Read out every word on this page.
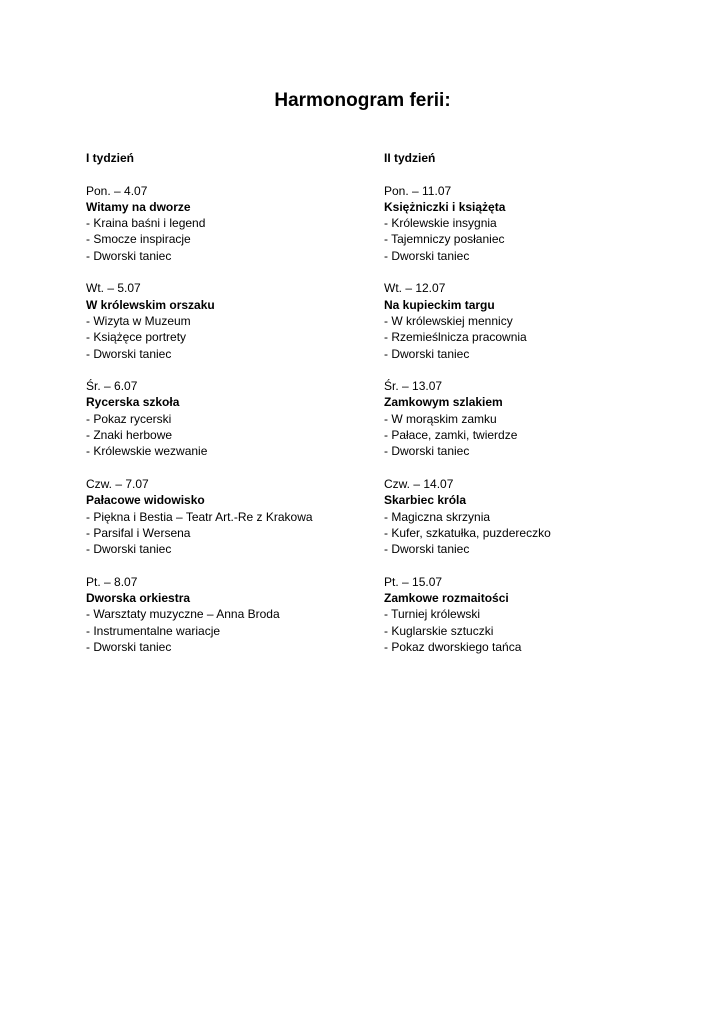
Harmonogram ferii:

I tydzień

Pon. – 4.07

Witamy na dworze

- Kraina baśni i legend
- Smocze inspiracje
- Dworski taniec

Wt. – 5.07

W królewskim orszaku

- Wizyta w Muzeum
- Książęce portrety
- Dworski taniec

Śr. – 6.07

Rycerska szkoła

- Pokaz rycerski
- Znaki herbowe
- Królewskie wezwanie

Czw. – 7.07

Pałacowe widowisko

- Piękna i Bestia – Teatr Art.-Re z Krakowa
- Parsifal i Wersena
- Dworski taniec

Pt. – 8.07

Dworska orkiestra

- Warsztaty muzyczne – Anna Broda
- Instrumentalne wariacje
- Dworski taniec

II tydzień

Pon. – 11.07

Księżniczki i książęta

- Królewskie insygnia
- Tajemniczy posłaniec
- Dworski taniec

Wt. – 12.07

Na kupieckim targu

- W królewskiej mennicy
- Rzemieślnicza pracownia
- Dworski taniec

Śr. – 13.07

Zamkowym szlakiem

- W morąskim zamku
- Pałace, zamki, twierdze
- Dworski taniec

Czw. – 14.07

Skarbiec króla

- Magiczna skrzynia
- Kufer, szkatułka, puzdereczko
- Dworski taniec

Pt. – 15.07

Zamkowe rozmaitości

- Turniej królewski
- Kuglarskie sztuczki
- Pokaz dworskiego tańca
